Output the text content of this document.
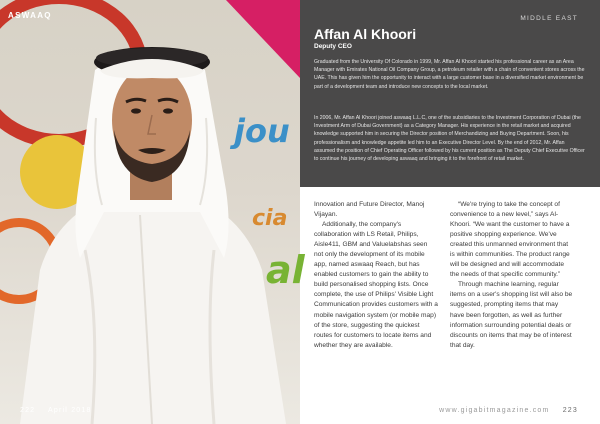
jou
cia
al
ASWAAQ
222 April 2018
MIDDLE EAST
Affan Al Khoori
Deputy CEO

Graduated from the University Of Colorado in 1999, Mr. Affan Al Khoori started his professional career as an Area Manager with Emirates National Oil Company Group, a petroleum retailer with a chain of convenient stores across the UAE. This has given him the opportunity to interact with a large customer base in a diversified market environment be part of a development team and introduce new concepts to the local market.

In 2006, Mr. Affan Al Khoori joined aswaaq L.L.C, one of the subsidiaries to the Investment Corporation of Dubai (the Investment Arm of Dubai Government) as a Category Manager. His experience in the retail market and acquired knowledge supported him in securing the Director position of Merchandizing and Buying Department. Soon, his professionalism and knowledge appetite led him to an Executive Director Level. By the end of 2012, Mr. Affan assumed the position of Chief Operating Officer followed by his current position as The Deputy Chief Executive Officer to continue his journey of developing aswaaq and bringing it to the forefront of retail market.

Innovation and Future Director, Manoj Vijayan.

Additionally, the company's collaboration with LS Retail, Philips, Aisle411, GBM and Valuelabshas seen not only the development of its mobile app, named aswaaq Reach, but has enabled customers to gain the ability to build personalised shopping lists. Once complete, the use of Philips' Visible Light Communication provides customers with a mobile navigation system (or mobile map) of the store, suggesting the quickest routes for customers to locate items and whether they are available.

“We're trying to take the concept of convenience to a new level,” says Al-Khoori. “We want the customer to have a positive shopping experience. We've created this unmanned environment that is within communities. The product range will be designed and will accommodate the needs of that specific community.”

Through machine learning, regular items on a user's shopping list will also be suggested, prompting items that may have been forgotten, as well as further information surrounding potential deals or discounts on items that may be of interest that day.

www.gigabitmagazine.com 223
